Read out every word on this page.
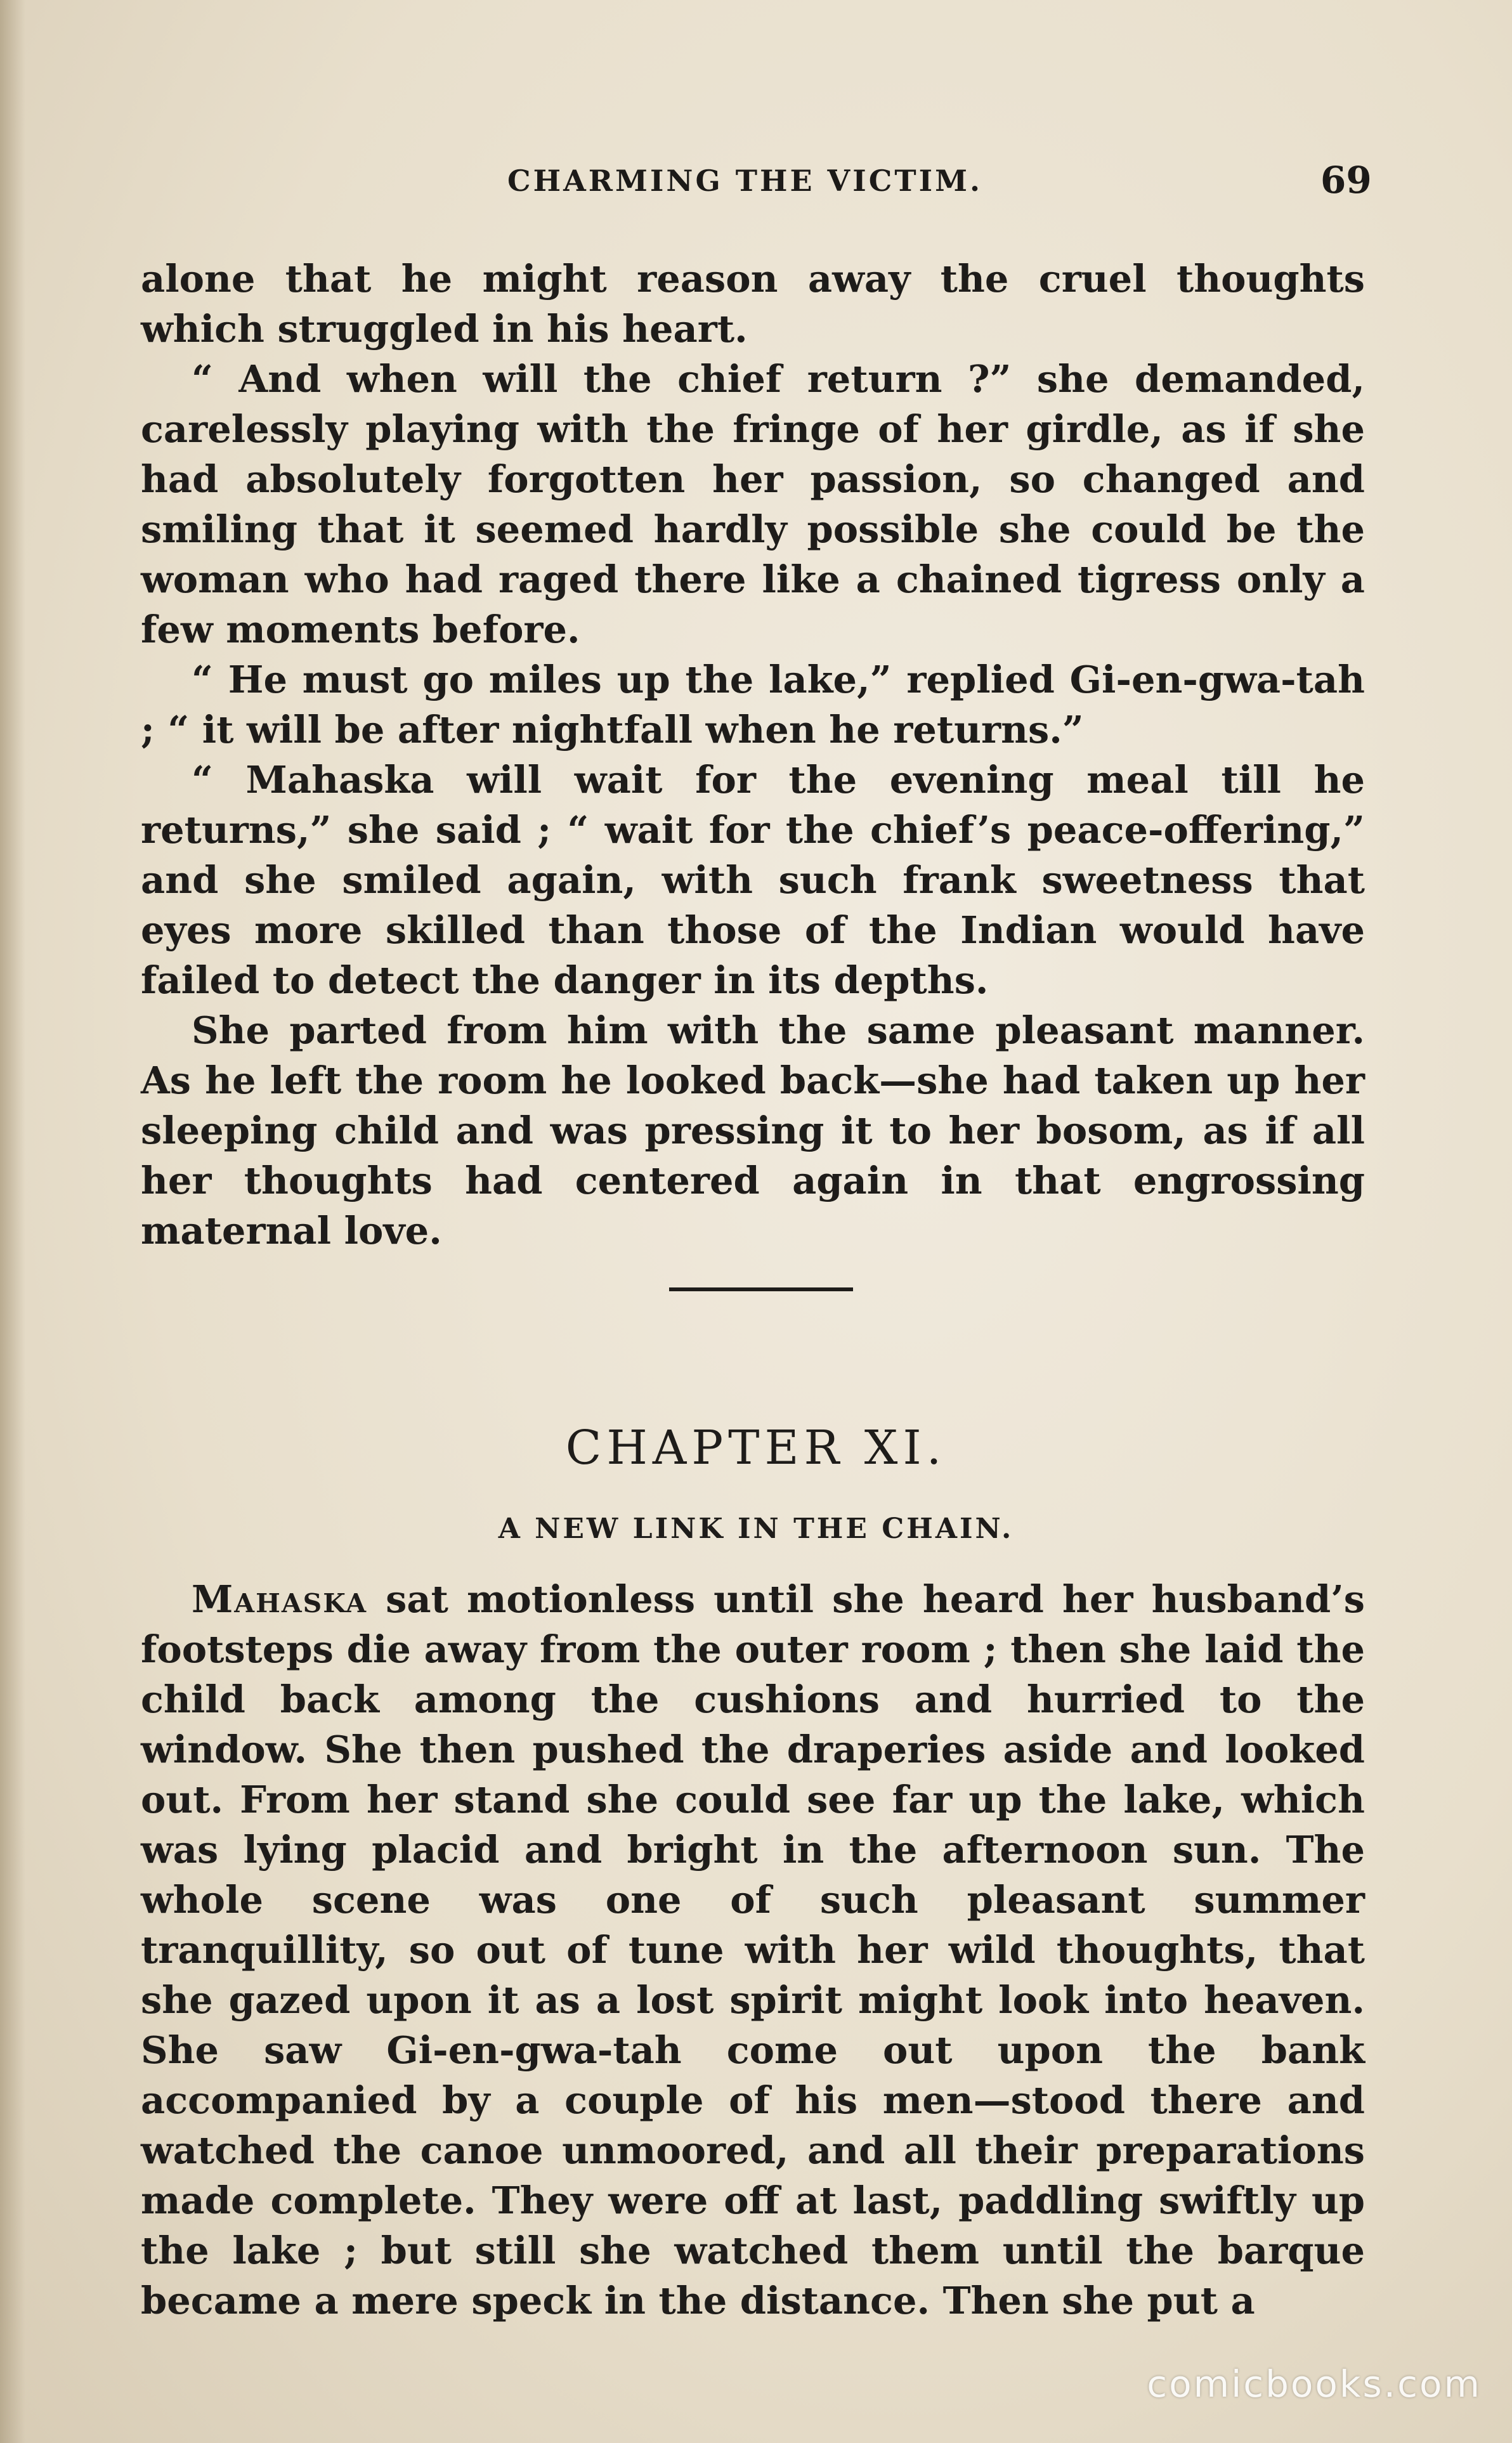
CHARMING THE VICTIM.	69

alone that he might reason away the cruel thoughts which struggled in his heart.

“ And when will the chief return ?” she demanded, carelessly playing with the fringe of her girdle, as if she had absolutely forgotten her passion, so changed and smiling that it seemed hardly possible she could be the woman who had raged there like a chained tigress only a few moments before.

“ He must go miles up the lake,” replied Gi-en-gwa-tah ; “ it will be after nightfall when he returns.”

“ Mahaska will wait for the evening meal till he returns,” she said ; “ wait for the chief’s peace-offering,” and she smiled again, with such frank sweetness that eyes more skilled than those of the Indian would have failed to detect the danger in its depths.

She parted from him with the same pleasant manner. As he left the room he looked back—she had taken up her sleeping child and was pressing it to her bosom, as if all her thoughts had centered again in that engrossing maternal love.

CHAPTER XI.
A NEW LINK IN THE CHAIN.

Mahaska sat motionless until she heard her husband’s footsteps die away from the outer room ; then she laid the child back among the cushions and hurried to the window. She then pushed the draperies aside and looked out. From her stand she could see far up the lake, which was lying placid and bright in the afternoon sun. The whole scene was one of such pleasant summer tranquillity, so out of tune with her wild thoughts, that she gazed upon it as a lost spirit might look into heaven. She saw Gi-en-gwa-tah come out upon the bank accompanied by a couple of his men—stood there and watched the canoe unmoored, and all their preparations made complete. They were off at last, paddling swiftly up the lake ; but still she watched them until the barque became a mere speck in the distance. Then she put a

comicbooks.com
